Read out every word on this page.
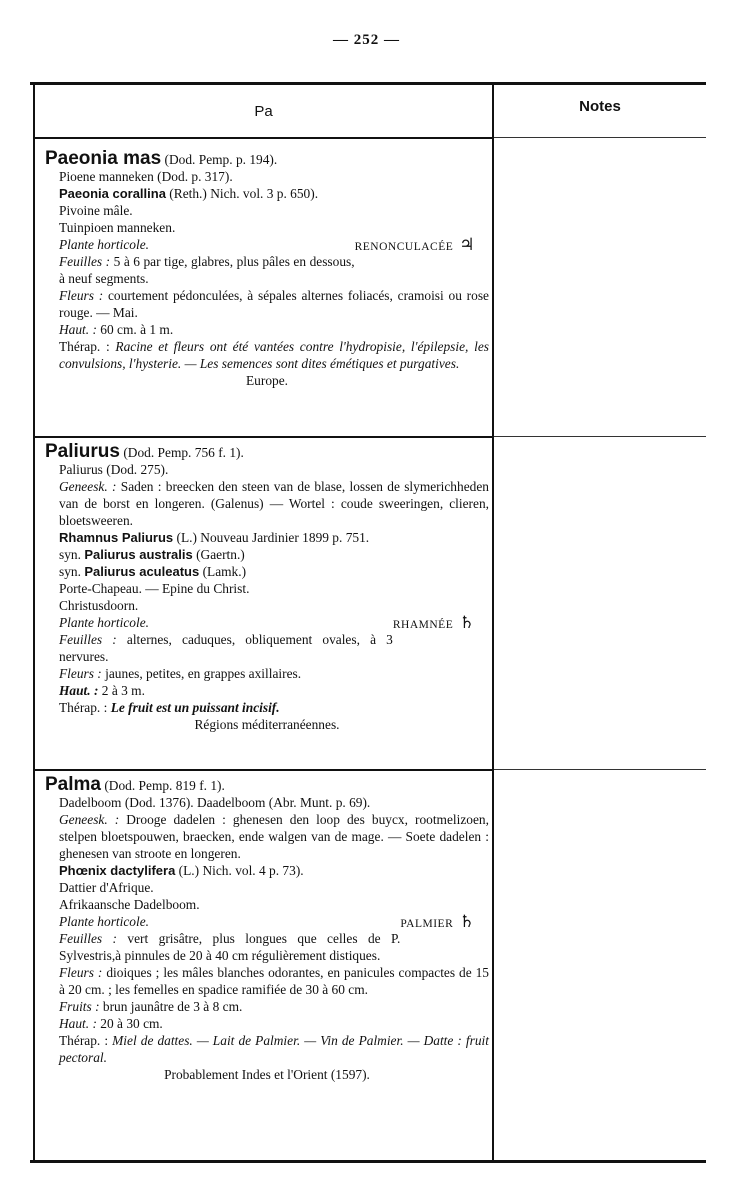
— 252 —
Pa	Notes

Paeonia mas (Dod. Pemp. p. 194).

Pioene manneken (Dod. p. 317).

Paeonia corallina (Reth.) Nich. vol. 3 p. 650).

Pivoine mâle.

Tuinpioen manneken.

Plante horticole.	RENONCULACÉE ♃

Feuilles : 5 à 6 par tige, glabres, plus pâles en dessous, à neuf segments.

Fleurs : courtement pédonculées, à sépales alternes foliacés, cramoisi ou rose rouge. — Mai.

Haut. : 60 cm. à 1 m.

Thérap. : Racine et fleurs ont été vantées contre l'hydropisie, l'épilepsie, les convulsions, l'hysterie. — Les semences sont dites émétiques et purgatives.

Europe.

Paliurus (Dod. Pemp. 756 f. 1).

Paliurus (Dod. 275).

Geneesk. : Saden : breecken den steen van de blase, lossen de slymerichheden van de borst en longeren. (Galenus) — Wortel : coude sweeringen, clieren, bloetsweeren.

Rhamnus Paliurus (L.) Nouveau Jardinier 1899 p. 751.

syn. Paliurus australis (Gaertn.)

syn. Paliurus aculeatus (Lamk.)

Porte-Chapeau. — Epine du Christ.

Christusdoorn.

Plante horticole.	RHAMNÉE ♄

Feuilles : alternes, caduques, obliquement ovales, à 3 nervures.

Fleurs : jaunes, petites, en grappes axillaires.

Haut. : 2 à 3 m.

Thérap. : Le fruit est un puissant incisif.

Régions méditerranéennes.

Palma (Dod. Pemp. 819 f. 1).

Dadelboom (Dod. 1376). Daadelboom (Abr. Munt. p. 69).

Geneesk. : Drooge dadelen : ghenesen den loop des buycx, rootmelizoen, stelpen bloetspouwen, braecken, ende walgen van de mage. — Soete dadelen : ghenesen van stroote en longeren.

Phœnix dactylifera (L.) Nich. vol. 4 p. 73).

Dattier d'Afrique.

Afrikaansche Dadelboom.

Plante horticole.	PALMIER ♄

Feuilles : vert grisâtre, plus longues que celles de P. Sylvestris,à pinnules de 20 à 40 cm régulièrement distiques.

Fleurs : dioiques ; les mâles blanches odorantes, en panicules compactes de 15 à 20 cm. ; les femelles en spadice ramifiée de 30 à 60 cm.

Fruits : brun jaunâtre de 3 à 8 cm.

Haut. : 20 à 30 cm.

Thérap. : Miel de dattes. — Lait de Palmier. — Vin de Palmier. — Datte : fruit pectoral.

Probablement Indes et l'Orient (1597).
